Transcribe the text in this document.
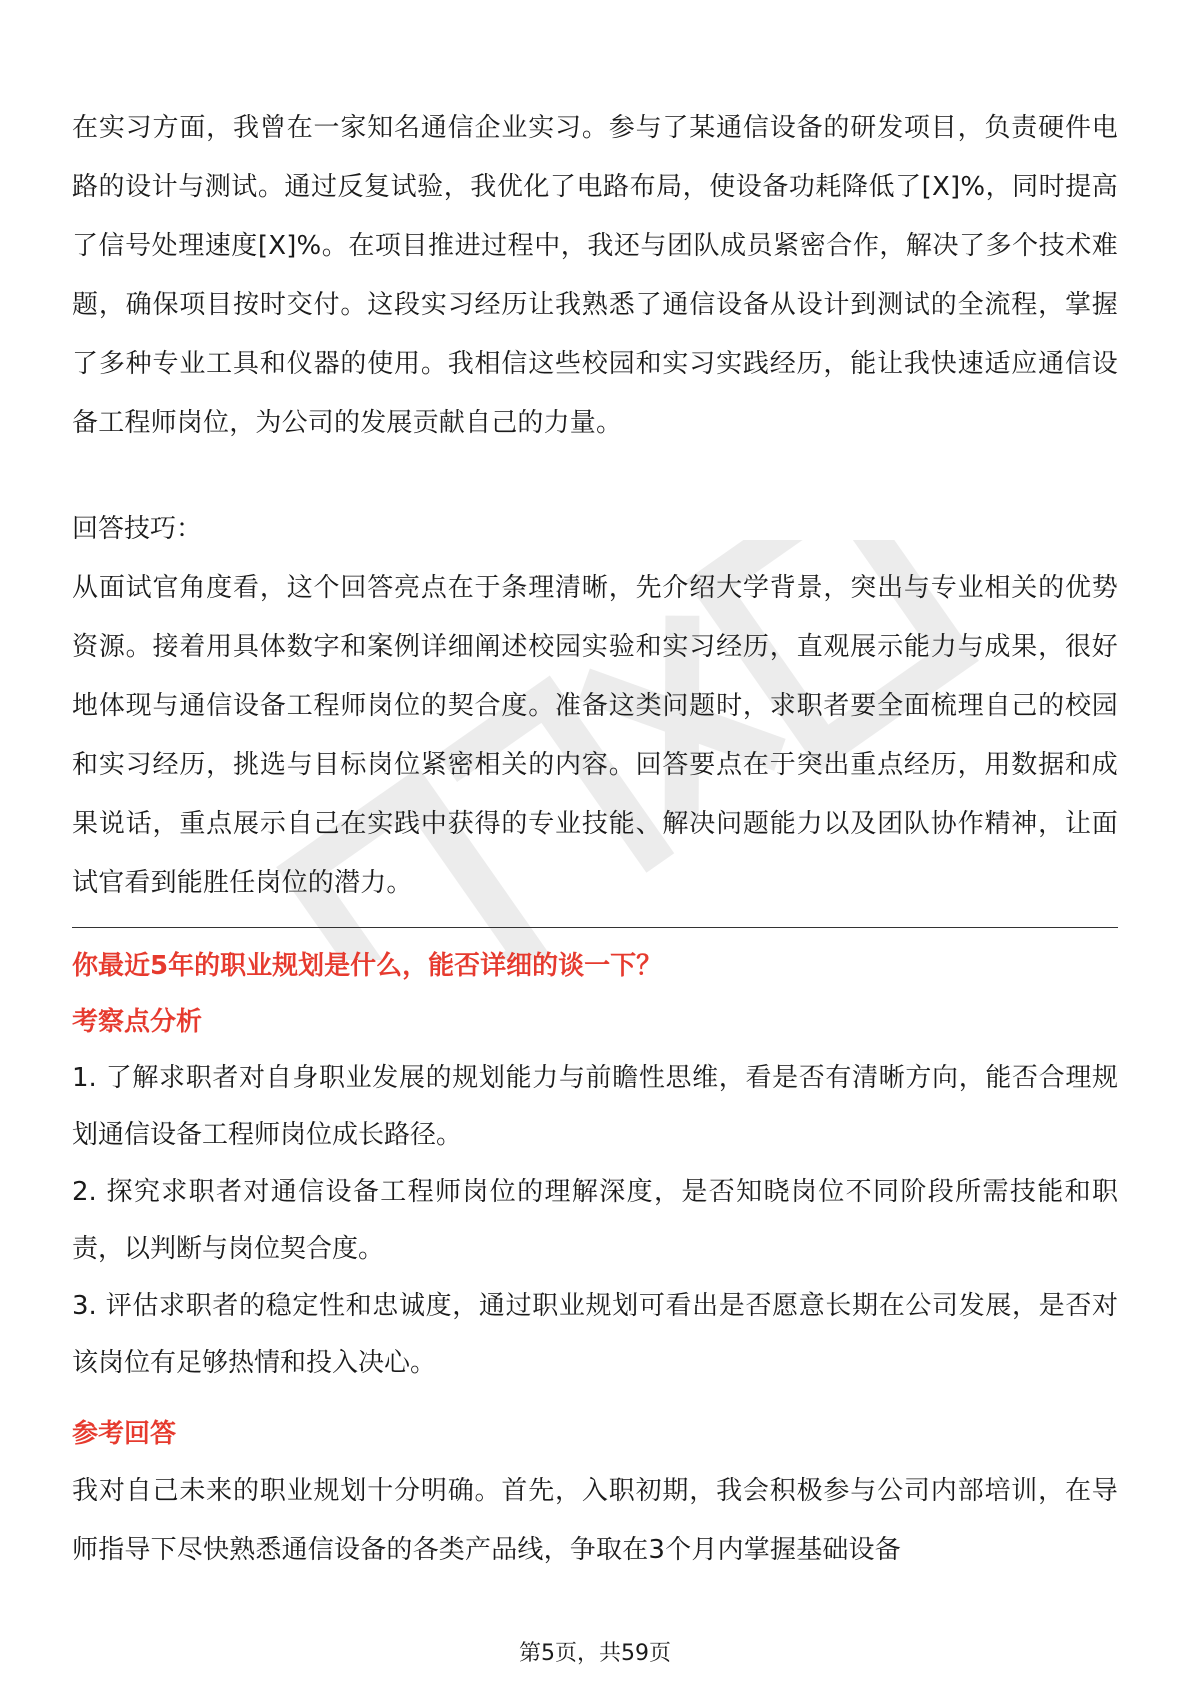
在实习方面，我曾在一家知名通信企业实习。参与了某通信设备的研发项目，负责硬件电路的设计与测试。通过反复试验，我优化了电路布局，使设备功耗降低了[X]%，同时提高了信号处理速度[X]%。在项目推进过程中，我还与团队成员紧密合作，解决了多个技术难题，确保项目按时交付。这段实习经历让我熟悉了通信设备从设计到测试的全流程，掌握了多种专业工具和仪器的使用。我相信这些校园和实习实践经历，能让我快速适应通信设备工程师岗位，为公司的发展贡献自己的力量。

回答技巧：

从面试官角度看，这个回答亮点在于条理清晰，先介绍大学背景，突出与专业相关的优势资源。接着用具体数字和案例详细阐述校园实验和实习经历，直观展示能力与成果，很好地体现与通信设备工程师岗位的契合度。准备这类问题时，求职者要全面梳理自己的校园和实习经历，挑选与目标岗位紧密相关的内容。回答要点在于突出重点经历，用数据和成果说话，重点展示自己在实践中获得的专业技能、解决问题能力以及团队协作精神，让面试官看到能胜任岗位的潜力。

你最近5年的职业规划是什么，能否详细的谈一下？

考察点分析

1. 了解求职者对自身职业发展的规划能力与前瞻性思维，看是否有清晰方向，能否合理规划通信设备工程师岗位成长路径。

2. 探究求职者对通信设备工程师岗位的理解深度，是否知晓岗位不同阶段所需技能和职责，以判断与岗位契合度。

3. 评估求职者的稳定性和忠诚度，通过职业规划可看出是否愿意长期在公司发展，是否对该岗位有足够热情和投入决心。

参考回答

我对自己未来的职业规划十分明确。首先，入职初期，我会积极参与公司内部培训，在导师指导下尽快熟悉通信设备的各类产品线，争取在3个月内掌握基础设备

第5页，共59页
